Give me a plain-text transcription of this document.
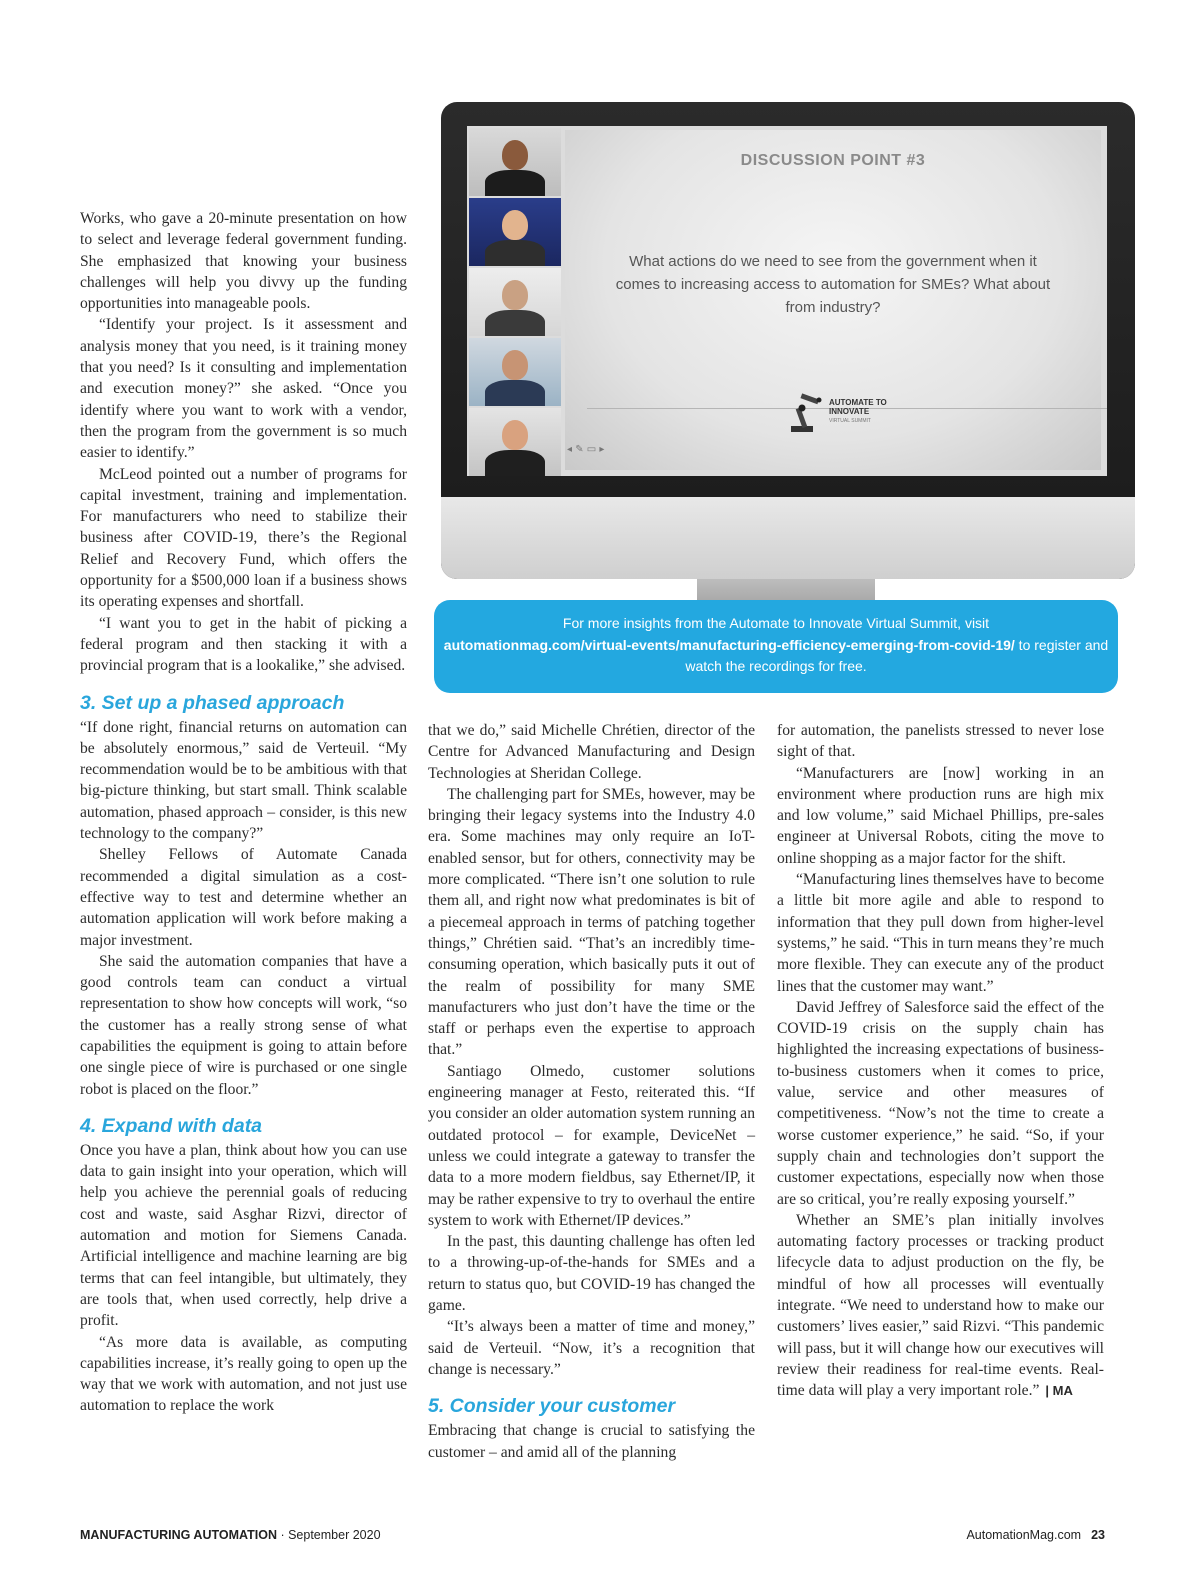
Works, who gave a 20-minute presentation on how to select and leverage federal government funding. She emphasized that knowing your business challenges will help you divvy up the funding opportunities into manageable pools.

“Identify your project. Is it assessment and analysis money that you need, is it training money that you need? Is it consulting and implementation and execution money?” she asked. “Once you identify where you want to work with a vendor, then the program from the government is so much easier to identify.”

McLeod pointed out a number of programs for capital investment, training and implementation. For manufacturers who need to stabilize their business after COVID-19, there’s the Regional Relief and Recovery Fund, which offers the opportunity for a $500,000 loan if a business shows its operating expenses and shortfall.

“I want you to get in the habit of picking a federal program and then stacking it with a provincial program that is a lookalike,” she advised.

3. Set up a phased approach

“If done right, financial returns on automation can be absolutely enormous,” said de Verteuil. “My recommendation would be to be ambitious with that big-picture thinking, but start small. Think scalable automation, phased approach – consider, is this new technology to the company?”

Shelley Fellows of Automate Canada recommended a digital simulation as a cost-effective way to test and determine whether an automation application will work before making a major investment.

She said the automation companies that have a good controls team can conduct a virtual representation to show how concepts will work, “so the customer has a really strong sense of what capabilities the equipment is going to attain before one single piece of wire is purchased or one single robot is placed on the floor.”

4. Expand with data

Once you have a plan, think about how you can use data to gain insight into your operation, which will help you achieve the perennial goals of reducing cost and waste, said Asghar Rizvi, director of automation and motion for Siemens Canada. Artificial intelligence and machine learning are big terms that can feel intangible, but ultimately, they are tools that, when used correctly, help drive a profit.

“As more data is available, as computing capabilities increase, it’s really going to open up the way that we work with automation, and not just use automation to replace the work

DISCUSSION POINT #3
What actions do we need to see from the government when it comes to increasing access to automation for SMEs? What about from industry?
AUTOMATE TO INNOVATE
VIRTUAL SUMMIT
◂ ✎ ▭ ▸
For more insights from the Automate to Innovate Virtual Summit, visit
automationmag.com/virtual-events/manufacturing-efficiency-emerging-from-covid-19/ to register and watch the recordings for free.

that we do,” said Michelle Chrétien, director of the Centre for Advanced Manufacturing and Design Technologies at Sheridan College.

The challenging part for SMEs, however, may be bringing their legacy systems into the Industry 4.0 era. Some machines may only require an IoT-enabled sensor, but for others, connectivity may be more complicated. “There isn’t one solution to rule them all, and right now what predominates is bit of a piecemeal approach in terms of patching together things,” Chrétien said. “That’s an incredibly time-consuming operation, which basically puts it out of the realm of possibility for many SME manufacturers who just don’t have the time or the staff or perhaps even the expertise to approach that.”

Santiago Olmedo, customer solutions engineering manager at Festo, reiterated this. “If you consider an older automation system running an outdated protocol – for example, DeviceNet – unless we could integrate a gateway to transfer the data to a more modern fieldbus, say Ethernet/IP, it may be rather expensive to try to overhaul the entire system to work with Ethernet/IP devices.”

In the past, this daunting challenge has often led to a throwing-up-of-the-hands for SMEs and a return to status quo, but COVID-19 has changed the game.

“It’s always been a matter of time and money,” said de Verteuil. “Now, it’s a recognition that change is necessary.”

5. Consider your customer

Embracing that change is crucial to satisfying the customer – and amid all of the planning

for automation, the panelists stressed to never lose sight of that.

“Manufacturers are [now] working in an environment where production runs are high mix and low volume,” said Michael Phillips, pre-sales engineer at Universal Robots, citing the move to online shopping as a major factor for the shift.

“Manufacturing lines themselves have to become a little bit more agile and able to respond to information that they pull down from higher-level systems,” he said. “This in turn means they’re much more flexible. They can execute any of the product lines that the customer may want.”

David Jeffrey of Salesforce said the effect of the COVID-19 crisis on the supply chain has highlighted the increasing expectations of business-to-business customers when it comes to price, value, service and other measures of competitiveness. “Now’s not the time to create a worse customer experience,” he said. “So, if your supply chain and technologies don’t support the customer expectations, especially now when those are so critical, you’re really exposing yourself.”

Whether an SME’s plan initially involves automating factory processes or tracking product lifecycle data to adjust production on the fly, be mindful of how all processes will eventually integrate. “We need to understand how to make our customers’ lives easier,” said Rizvi. “This pandemic will pass, but it will change how our executives will review their readiness for real-time events. Real-time data will play a very important role.” | MA

MANUFACTURING AUTOMATION · September 2020	AutomationMag.com 23
